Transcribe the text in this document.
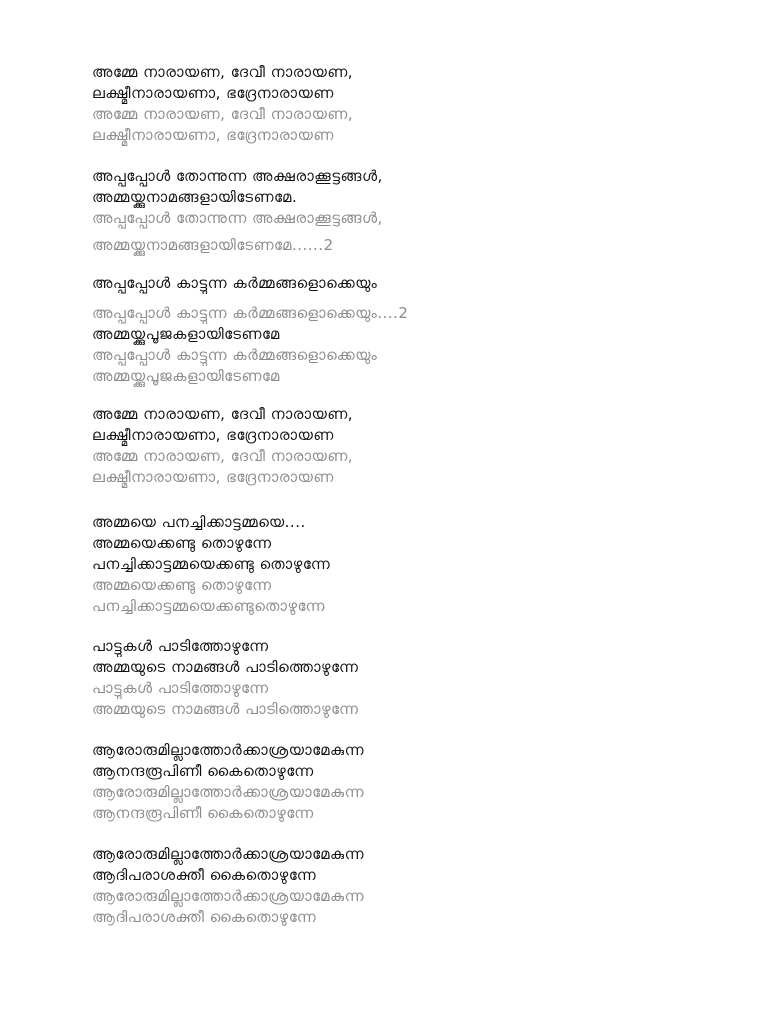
അമ്മേ നാരായണ, ദേവീ നാരായണ,
ലക്ഷ്മീനാരായണാ, ഭദ്രേനാരായണ
അമ്മേ നാരായണ, ദേവീ നാരായണ,
ലക്ഷ്മീനാരായണാ, ഭദ്രേനാരായണ
അപ്പപ്പോൾ തോന്നുന്ന അക്ഷരാക്കൂട്ടങ്ങൾ,
അമ്മയ്ക്കുനാമങ്ങളായിടേണമേ.
അപ്പപ്പോൾ തോന്നുന്ന അക്ഷരാക്കൂട്ടങ്ങൾ,
അമ്മയ്ക്കുനാമങ്ങളായിടേണമേ......2
അപ്പപ്പോൾ കാട്ടുന്ന കർമ്മങ്ങളൊക്കെയും
അപ്പപ്പോൾ കാട്ടുന്ന കർമ്മങ്ങളൊക്കെയും....2
അമ്മയ്ക്കുപൂജകളായിടേണമേ
അപ്പപ്പോൾ കാട്ടുന്ന കർമ്മങ്ങളൊക്കെയും
അമ്മയ്ക്കുപൂജകളായിടേണമേ
അമ്മേ നാരായണ, ദേവീ നാരായണ,
ലക്ഷ്മീനാരായണാ, ഭദ്രേനാരായണ
അമ്മേ നാരായണ, ദേവീ നാരായണ,
ലക്ഷ്മീനാരായണാ, ഭദ്രേനാരായണ
അമ്മയെ പനച്ചിക്കാട്ടമ്മയെ....
അമ്മയെക്കണ്ടു തൊഴുന്നേ
പനച്ചിക്കാട്ടമ്മയെക്കണ്ടു തൊഴുന്നേ
അമ്മയെക്കണ്ടു തൊഴുന്നേ
പനച്ചിക്കാട്ടമ്മയെക്കണ്ടുതൊഴുന്നേ
പാട്ടുകൾ പാടിത്തോഴുന്നേ
അമ്മയുടെ നാമങ്ങൾ പാടിത്തൊഴുന്നേ
പാട്ടുകൾ പാടിത്തോഴുന്നേ
അമ്മയുടെ നാമങ്ങൾ പാടിത്തൊഴുന്നേ
ആരോരുമില്ലാത്തോർക്കാശ്രയാമേകുന്ന
ആനന്ദരൂപിണീ കൈതൊഴുന്നേ
ആരോരുമില്ലാത്തോർക്കാശ്രയാമേകുന്ന
ആനന്ദരൂപിണീ കൈതൊഴുന്നേ
ആരോരുമില്ലാത്തോർക്കാശ്രയാമേകുന്ന
ആദിപരാശക്തീ കൈതൊഴുന്നേ
ആരോരുമില്ലാത്തോർക്കാശ്രയാമേകുന്ന
ആദിപരാശക്തീ കൈതൊഴുന്നേ
